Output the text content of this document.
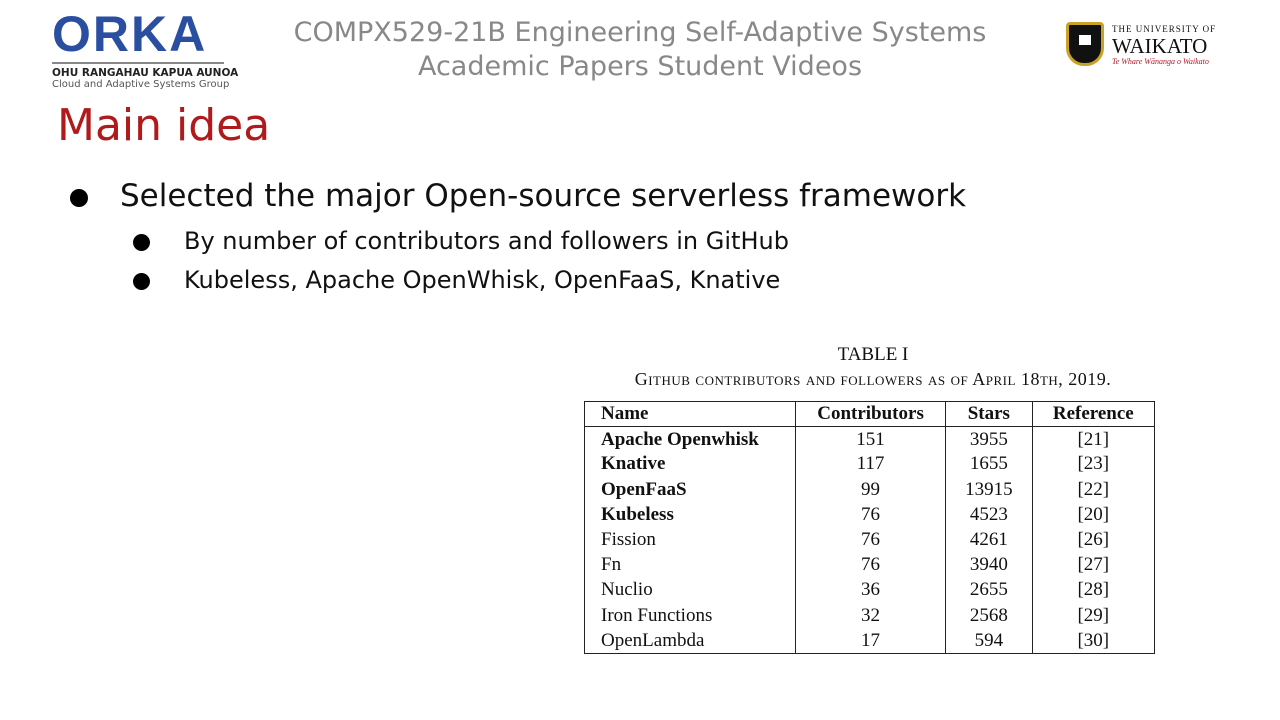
ORKA
OHU RANGAHAU KAPUA AUNOA
Cloud and Adaptive Systems Group
COMPX529-21B Engineering Self-Adaptive Systems
Academic Papers Student Videos
THE UNIVERSITY OF
WAIKATO
Te Whare Wānanga o Waikato
Main idea
Selected the major Open-source serverless framework
By number of contributors and followers in GitHub
Kubeless, Apache OpenWhisk, OpenFaaS, Knative
TABLE I
Github contributors and followers as of April 18th, 2019.
Name	Contributors	Stars	Reference
Apache Openwhisk	151	3955	[21]
Knative	117	1655	[23]
OpenFaaS	99	13915	[22]
Kubeless	76	4523	[20]
Fission	76	4261	[26]
Fn	76	3940	[27]
Nuclio	36	2655	[28]
Iron Functions	32	2568	[29]
OpenLambda	17	594	[30]
